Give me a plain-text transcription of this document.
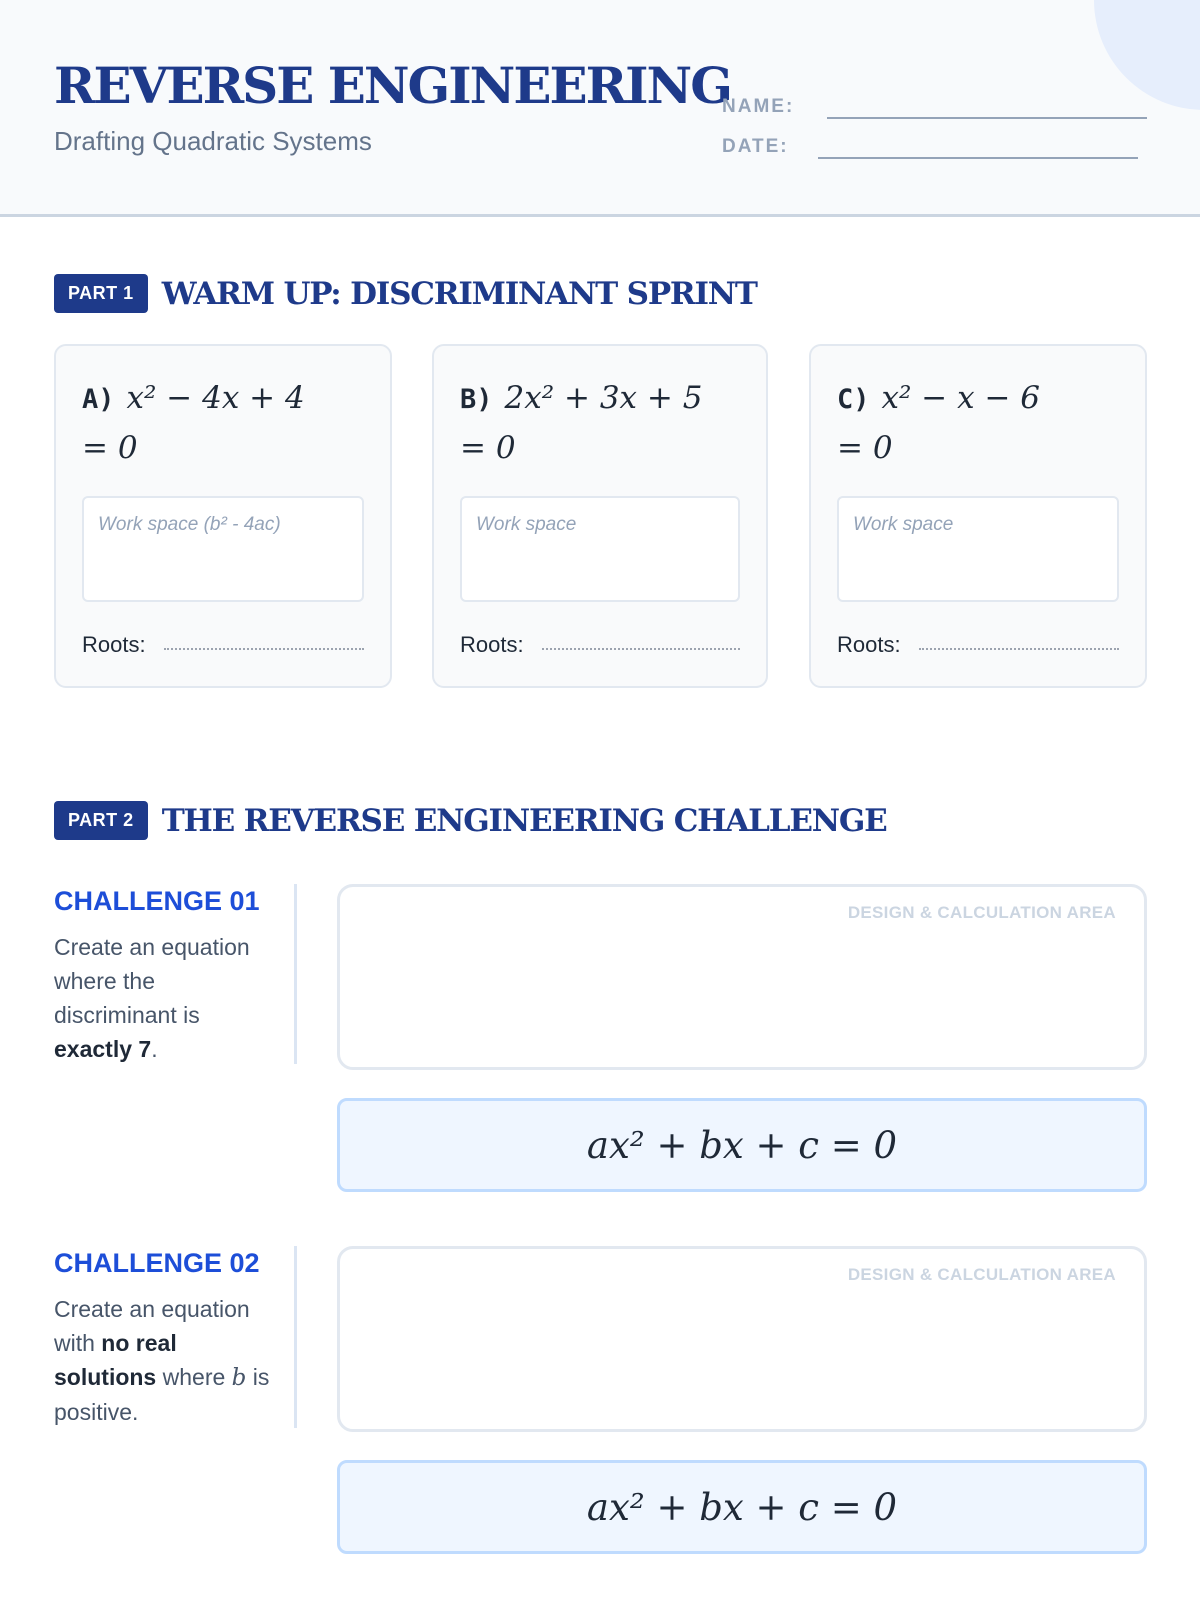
REVERSE ENGINEERING
Drafting Quadratic Systems
NAME:
DATE:
PART 1 WARM UP: DISCRIMINANT SPRINT
A) x² − 4x + 4
= 0
Work space (b² - 4ac)
Roots:
B) 2x² + 3x + 5
= 0
Work space
Roots:
C) x² − x − 6
= 0
Work space
Roots:
PART 2 THE REVERSE ENGINEERING CHALLENGE
CHALLENGE 01
Create an equation where the discriminant is exactly 7.
DESIGN & CALCULATION AREA
ax² + bx + c = 0
CHALLENGE 02
Create an equation with no real solutions where b is positive.
DESIGN & CALCULATION AREA
ax² + bx + c = 0
